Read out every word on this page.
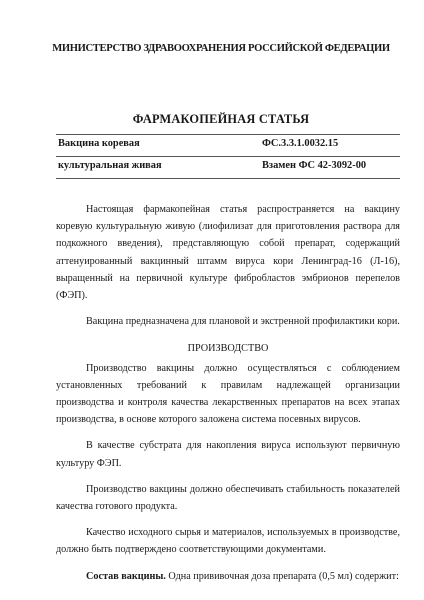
МИНИСТЕРСТВО ЗДРАВООХРАНЕНИЯ РОССИЙСКОЙ ФЕДЕРАЦИИ
ФАРМАКОПЕЙНАЯ СТАТЬЯ
Вакцина коревая	ФС.3.3.1.0032.15
культуральная живая	Взамен ФС 42-3092-00

Настоящая фармакопейная статья распространяется на вакцину коревую культуральную живую (лиофилизат для приготовления раствора для подкожного введения), представляющую собой препарат, содержащий аттенуированный вакцинный штамм вируса кори Ленинград-16 (Л-16), выращенный на первичной культуре фибробластов эмбрионов перепелов (ФЭП).

Вакцина предназначена для плановой и экстренной профилактики кори.

ПРОИЗВОДСТВО

Производство вакцины должно осуществляться с соблюдением установленных требований к правилам надлежащей организации производства и контроля качества лекарственных препаратов на всех этапах производства, в основе которого заложена система посевных вирусов.

В качестве субстрата для накопления вируса используют первичную культуру ФЭП.

Производство вакцины должно обеспечивать стабильность показателей качества готового продукта.

Качество исходного сырья и материалов, используемых в производстве, должно быть подтверждено соответствующими документами.

Состав вакцины. Одна прививочная доза препарата (0,5 мл) содержит:
